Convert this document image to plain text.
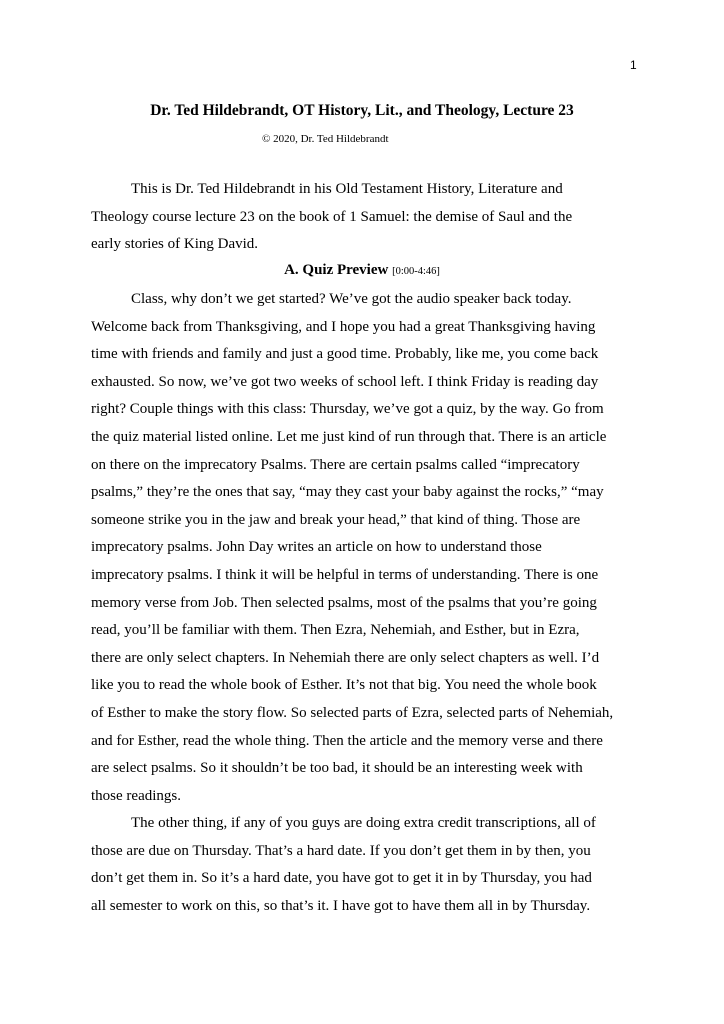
1
Dr. Ted Hildebrandt, OT History, Lit., and Theology, Lecture 23
© 2020, Dr. Ted Hildebrandt
This is Dr. Ted Hildebrandt in his Old Testament History, Literature and
Theology course lecture 23 on the book of 1 Samuel: the demise of Saul and the
early stories of King David.
A. Quiz Preview [0:00-4:46]
Class, why don’t we get started? We’ve got the audio speaker back today.
Welcome back from Thanksgiving, and I hope you had a great Thanksgiving having
time with friends and family and just a good time. Probably, like me, you come back
exhausted. So now, we’ve got two weeks of school left. I think Friday is reading day
right? Couple things with this class: Thursday, we’ve got a quiz, by the way. Go from
the quiz material listed online. Let me just kind of run through that. There is an article
on there on the imprecatory Psalms. There are certain psalms called “imprecatory
psalms,” they’re the ones that say, “may they cast your baby against the rocks,” “may
someone strike you in the jaw and break your head,” that kind of thing. Those are
imprecatory psalms. John Day writes an article on how to understand those
imprecatory psalms. I think it will be helpful in terms of understanding. There is one
memory verse from Job. Then selected psalms, most of the psalms that you’re going
read, you’ll be familiar with them. Then Ezra, Nehemiah, and Esther, but in Ezra,
there are only select chapters. In Nehemiah there are only select chapters as well. I’d
like you to read the whole book of Esther. It’s not that big. You need the whole book
of Esther to make the story flow. So selected parts of Ezra, selected parts of Nehemiah,
and for Esther, read the whole thing. Then the article and the memory verse and there
are select psalms. So it shouldn’t be too bad, it should be an interesting week with
those readings.
The other thing, if any of you guys are doing extra credit transcriptions, all of
those are due on Thursday. That’s a hard date. If you don’t get them in by then, you
don’t get them in. So it’s a hard date, you have got to get it in by Thursday, you had
all semester to work on this, so that’s it. I have got to have them all in by Thursday.
